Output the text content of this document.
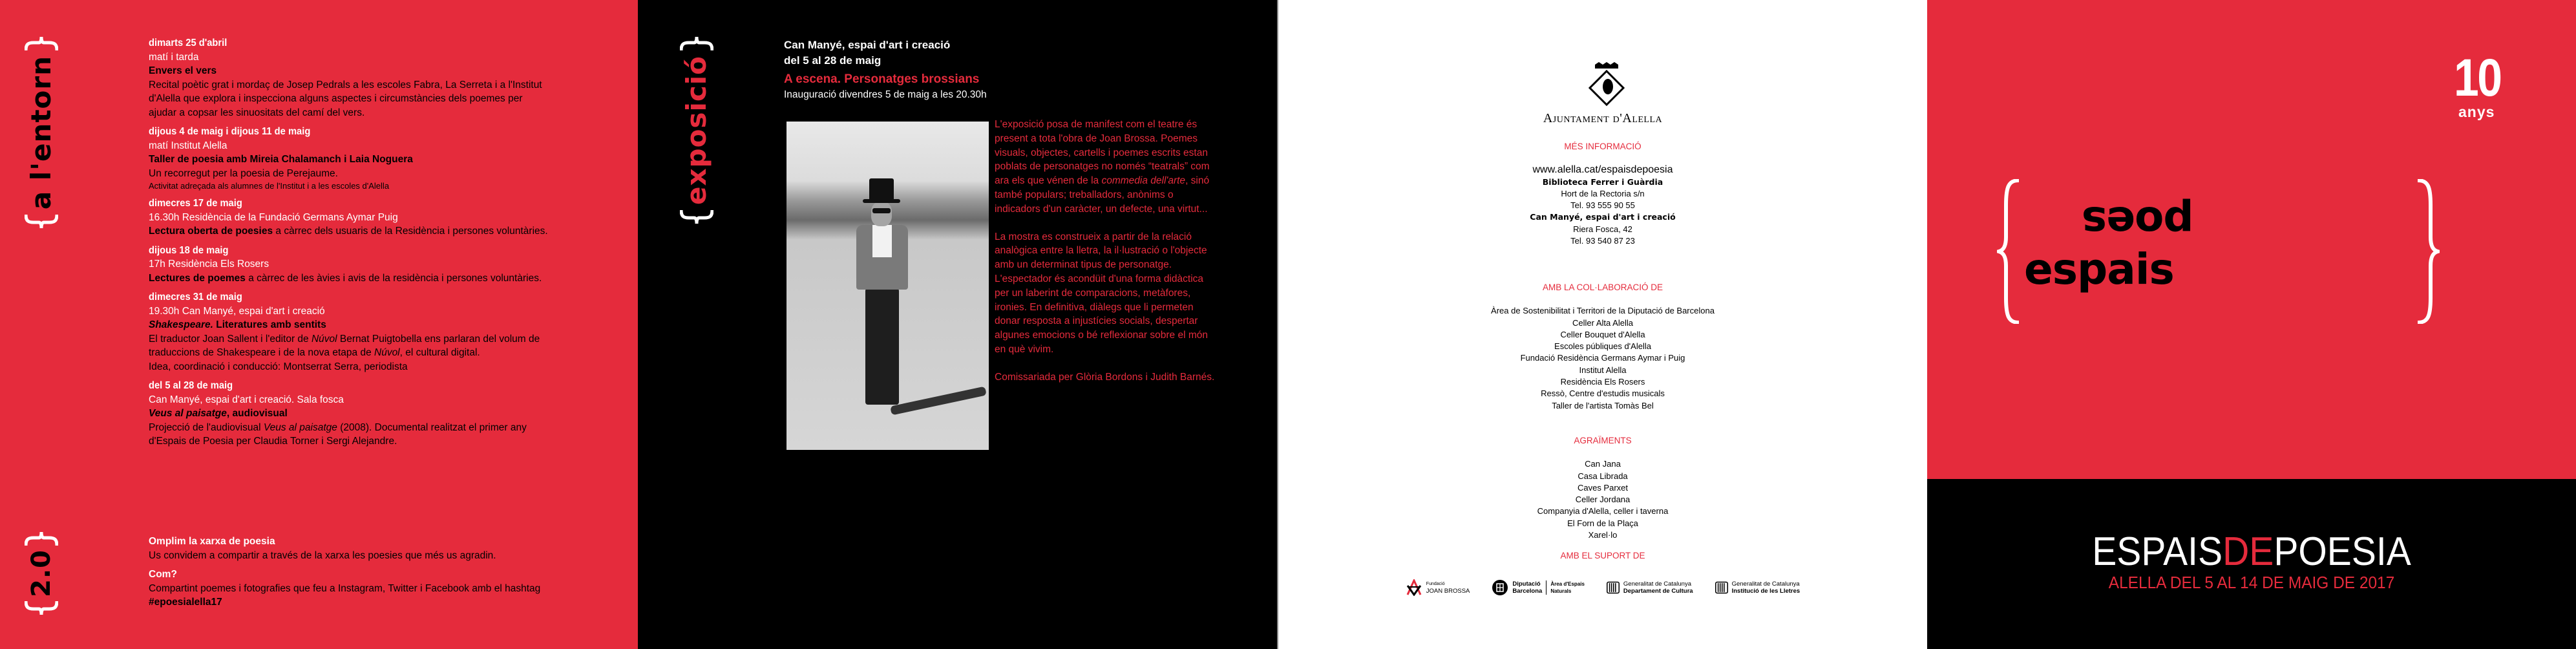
a l'entorn
dimarts 25 d'abril
matí i tarda
Envers el vers
Recital poètic grat i mordaç de Josep Pedrals a les escoles Fabra, La Serreta i a l'Institut d'Alella que explora i inspecciona alguns aspectes i circumstàncies dels poemes per ajudar a copsar les sinuositats del camí del vers.
dijous 4 de maig i dijous 11 de maig
matí Institut Alella
Taller de poesia amb Mireia Chalamanch i Laia Noguera
Un recorregut per la poesia de Perejaume.
Activitat adreçada als alumnes de l'Institut i a les escoles d'Alella
dimecres 17 de maig
16.30h Residència de la Fundació Germans Aymar Puig
Lectura oberta de poesies a càrrec dels usuaris de la Residència i persones voluntàries.
dijous 18 de maig
17h Residència Els Rosers
Lectures de poemes a càrrec de les àvies i avis de la residència i persones voluntàries.
dimecres 31 de maig
19.30h Can Manyé, espai d'art i creació
Shakespeare. Literatures amb sentits
El traductor Joan Sallent i l'editor de Núvol Bernat Puigtobella ens parlaran del volum de traduccions de Shakespeare i de la nova etapa de Núvol, el cultural digital.
Idea, coordinació i conducció: Montserrat Serra, periodista
del 5 al 28 de maig
Can Manyé, espai d'art i creació. Sala fosca
Veus al paisatge, audiovisual
Projecció de l'audiovisual Veus al paisatge (2008). Documental realitzat el primer any d'Espais de Poesia per Claudia Torner i Sergi Alejandre.
2.0
Omplim la xarxa de poesia
Us convidem a compartir a través de la xarxa les poesies que més us agradin.
Com?
Compartint poemes i fotografies que feu a Instagram, Twitter i Facebook amb el hashtag #epoesialella17
exposició
Can Manyé, espai d'art i creació
del 5 al 28 de maig
A escena. Personatges brossians
Inauguració divendres 5 de maig a les 20.30h

L'exposició posa de manifest com el teatre és present a tota l'obra de Joan Brossa. Poemes visuals, objectes, cartells i poemes escrits estan poblats de personatges no només “teatrals” com ara els que vénen de la commedia dell'arte, sinó també populars; treballadors, anònims o indicadors d'un caràcter, un defecte, una virtut...

La mostra es construeix a partir de la relació analògica entre la lletra, la il·lustració o l'objecte amb un determinat tipus de personatge. L'espectador és acondüit d'una forma didàctica per un laberint de comparacions, metàfores, ironies. En definitiva, diàlegs que li permeten donar resposta a injustícies socials, despertar algunes emocions o bé reflexionar sobre el món en què vivim.

Comissariada per Glòria Bordons i Judith Barnés.

Ajuntament d'Alella
MÉS INFORMACIÓ
www.alella.cat/espaisdepoesia
Biblioteca Ferrer i Guàrdia
Hort de la Rectoria s/n
Tel. 93 555 90 55
Can Manyé, espai d'art i creació
Riera Fosca, 42
Tel. 93 540 87 23
AMB LA COL·LABORACIÓ DE
Àrea de Sostenibilitat i Territori de la Diputació de Barcelona
Celler Alta Alella
Celler Bouquet d'Alella
Escoles públiques d'Alella
Fundació Residència Germans Aymar i Puig
Institut Alella
Residència Els Rosers
Ressò, Centre d'estudis musicals
Taller de l'artista Tomàs Bel
AGRAÏMENTS
Can Jana
Casa Librada
Caves Parxet
Celler Jordana
Companyia d'Alella, celler i taverna
El Forn de la Plaça
Xarel·lo
AMB EL SUPORT DE
Fundació
JOAN BROSSA
Diputació
Barcelona
Àrea d'Espais
Naturals
Generalitat de Catalunya
Departament de Cultura
Generalitat de Catalunya
Institució de les Lletres
10
anys
poes
espais
ESPAISDEPOESIA
ALELLA DEL 5 AL 14 DE MAIG DE 2017
